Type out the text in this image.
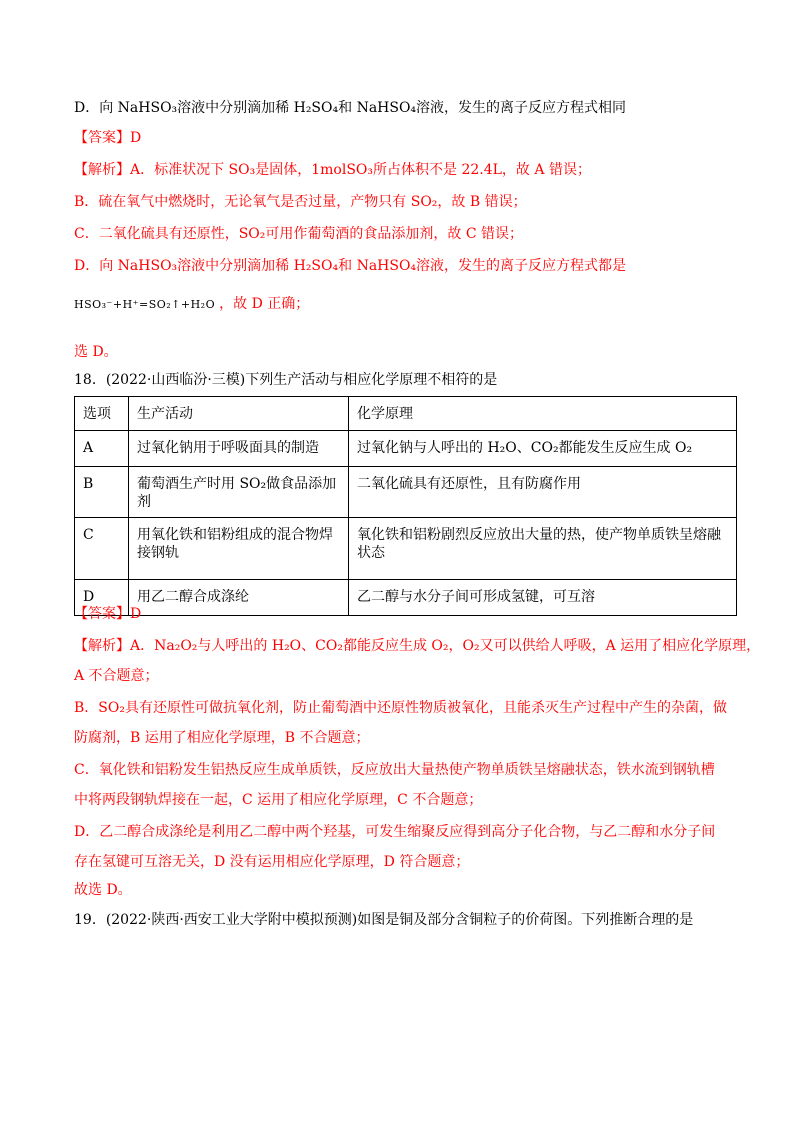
D．向 NaHSO₃溶液中分别滴加稀 H₂SO₄和 NaHSO₄溶液，发生的离子反应方程式相同
【答案】D
【解析】A．标准状况下 SO₃是固体，1molSO₃所占体积不是 22.4L，故 A 错误；
B．硫在氧气中燃烧时，无论氧气是否过量，产物只有 SO₂，故 B 错误；
C．二氧化硫具有还原性，SO₂可用作葡萄酒的食品添加剂，故 C 错误；
D．向 NaHSO₃溶液中分别滴加稀 H₂SO₄和 NaHSO₄溶液，发生的离子反应方程式都是
HSO₃⁻+H⁺=SO₂↑+H₂O ，故 D 正确；
选 D。
18．(2022·山西临汾·三模)下列生产活动与相应化学原理不相符的是
选项	生产活动	化学原理
A	过氧化钠用于呼吸面具的制造	过氧化钠与人呼出的 H₂O、CO₂都能发生反应生成 O₂
B	葡萄酒生产时用 SO₂做食品添加剂	二氧化硫具有还原性，且有防腐作用
C	用氧化铁和铝粉组成的混合物焊接钢轨	氧化铁和铝粉剧烈反应放出大量的热，使产物单质铁呈熔融状态
D	用乙二醇合成涤纶	乙二醇与水分子间可形成氢键，可互溶
【答案】D
【解析】A．Na₂O₂与人呼出的 H₂O、CO₂都能反应生成 O₂，O₂又可以供给人呼吸，A 运用了相应化学原理，
A 不合题意；
B．SO₂具有还原性可做抗氧化剂，防止葡萄酒中还原性物质被氧化，且能杀灭生产过程中产生的杂菌，做
防腐剂，B 运用了相应化学原理，B 不合题意；
C．氧化铁和铝粉发生铝热反应生成单质铁，反应放出大量热使产物单质铁呈熔融状态，铁水流到钢轨槽
中将两段钢轨焊接在一起，C 运用了相应化学原理，C 不合题意；
D．乙二醇合成涤纶是利用乙二醇中两个羟基，可发生缩聚反应得到高分子化合物，与乙二醇和水分子间
存在氢键可互溶无关，D 没有运用相应化学原理，D 符合题意；
故选 D。
19．(2022·陕西·西安工业大学附中模拟预测)如图是铜及部分含铜粒子的价荷图。下列推断合理的是
